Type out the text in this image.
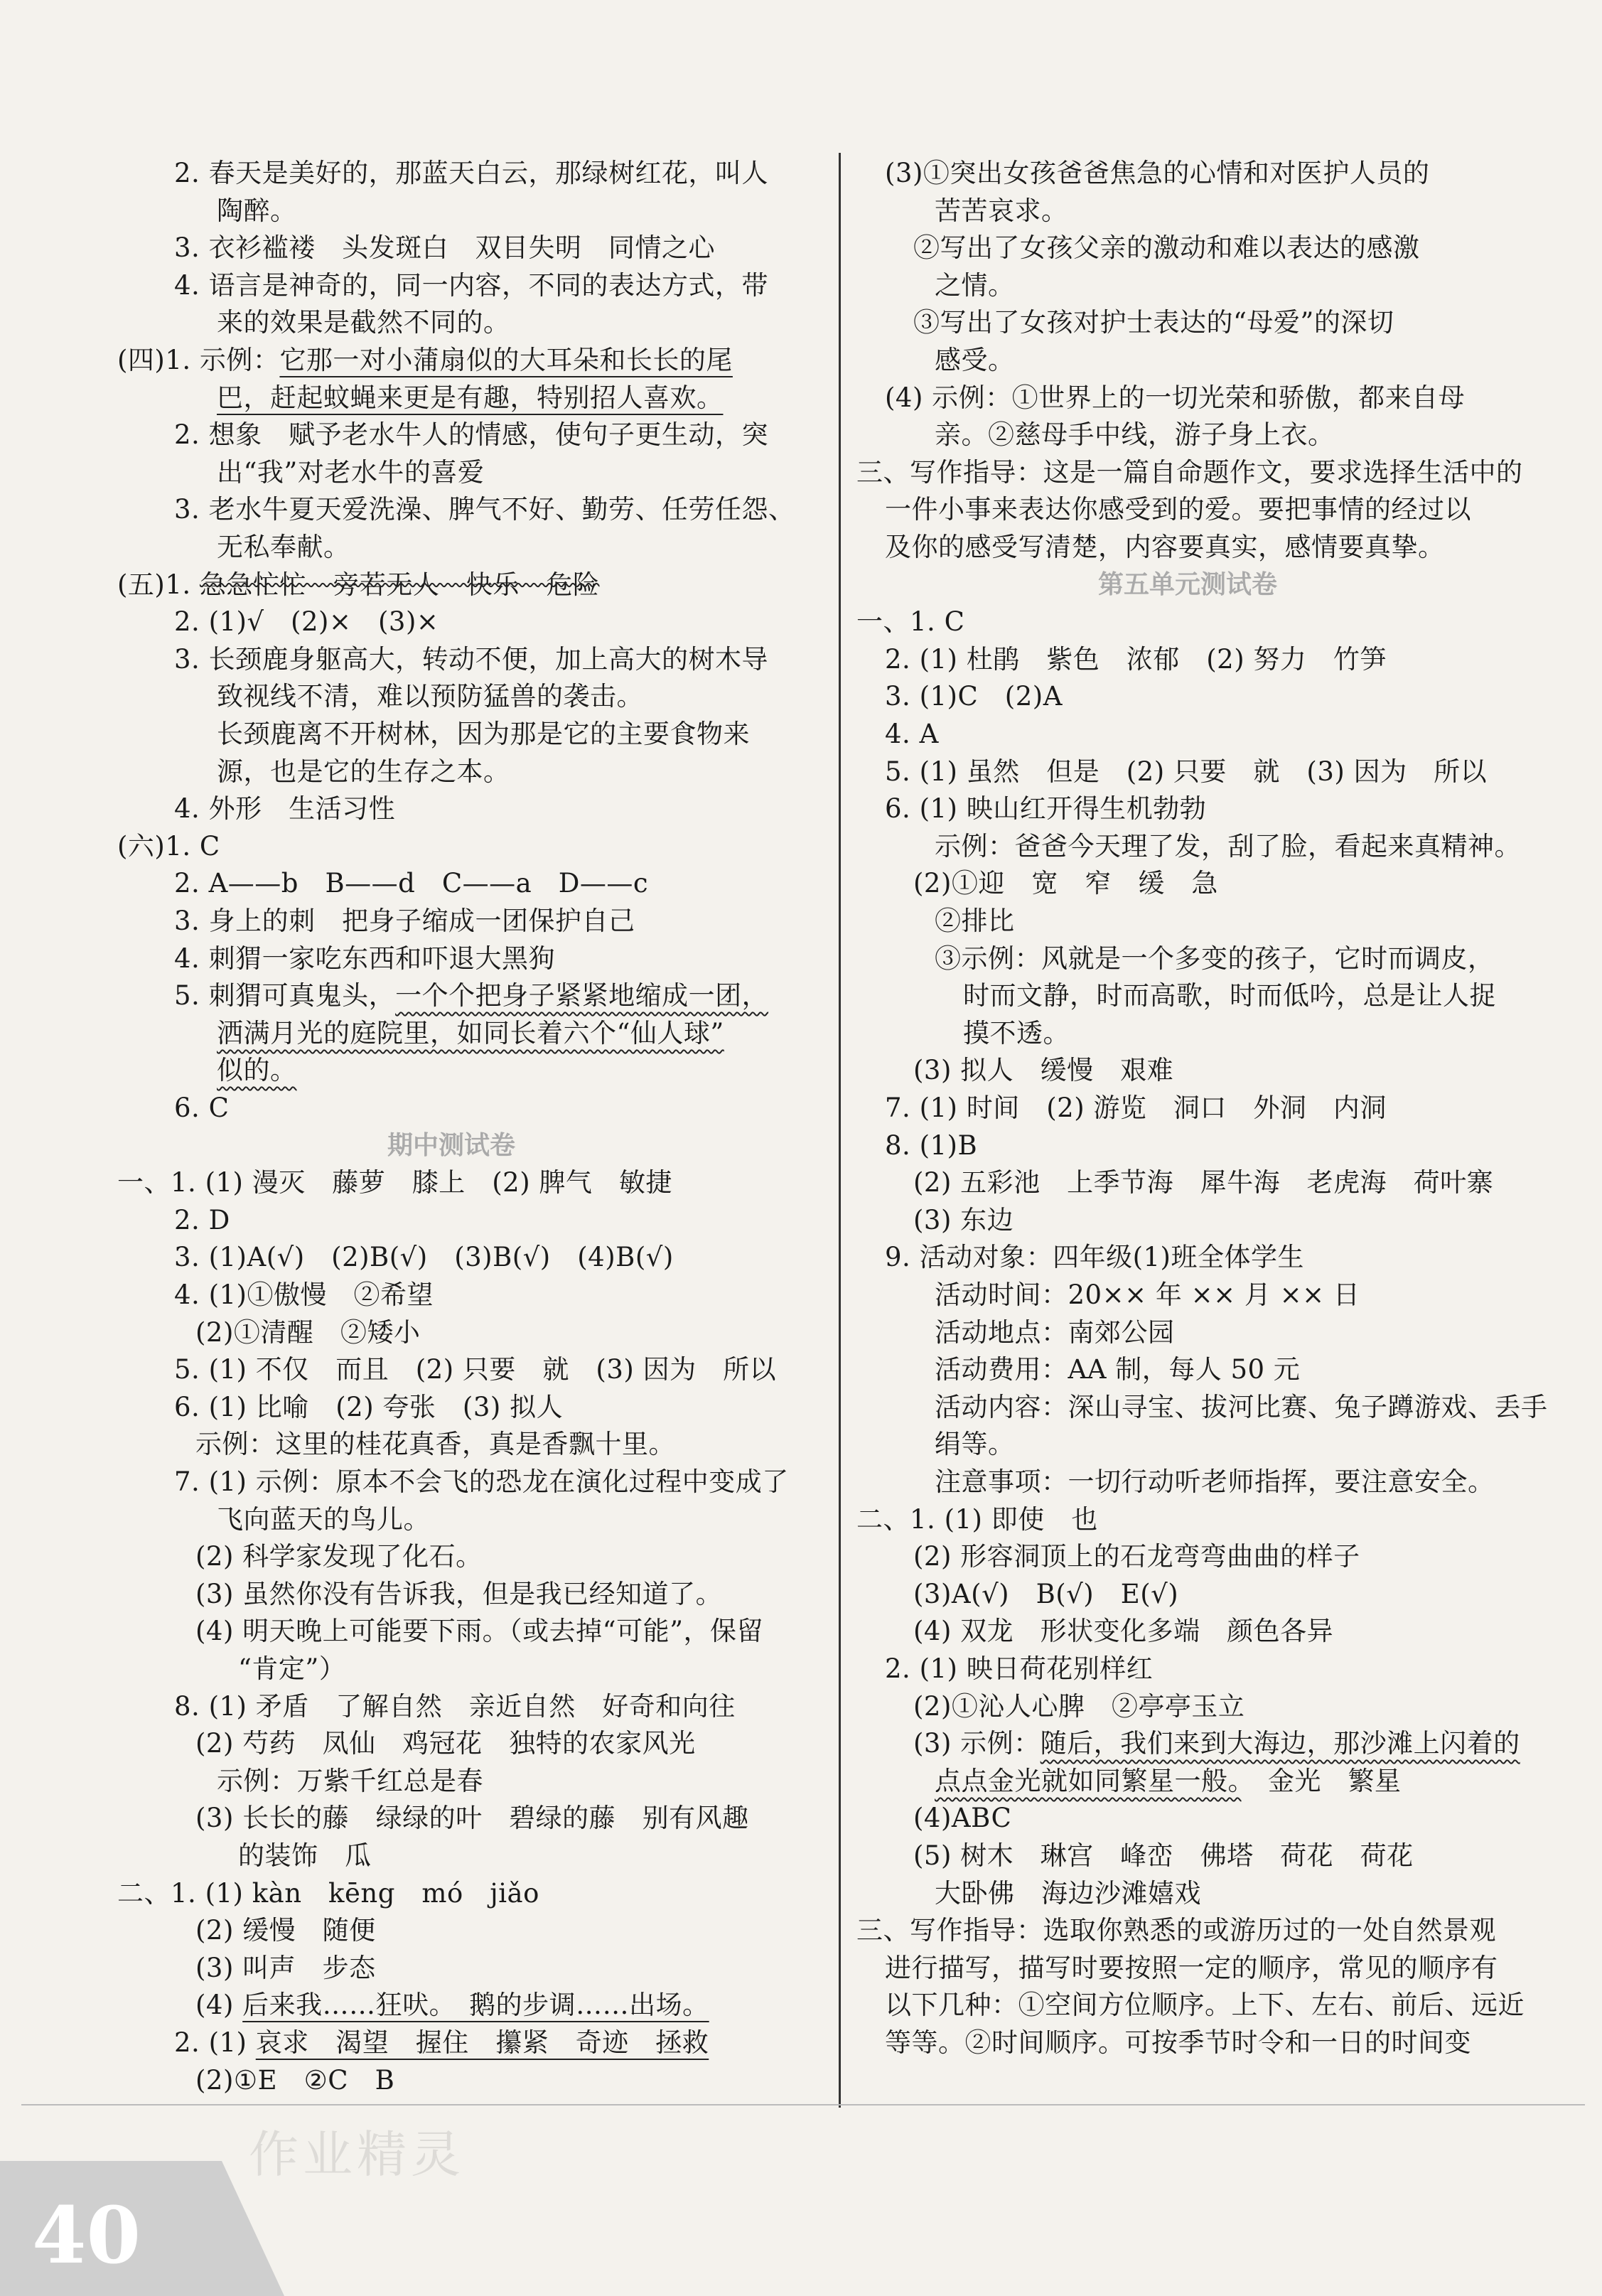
2. 春天是美好的，那蓝天白云，那绿树红花，叫人
陶醉。
3. 衣衫褴褛　头发斑白　双目失明　同情之心
4. 语言是神奇的，同一内容，不同的表达方式，带
来的效果是截然不同的。
(四)1. 示例：它那一对小蒲扇似的大耳朵和长长的尾
巴，赶起蚊蝇来更是有趣，特别招人喜欢。
2. 想象　赋予老水牛人的情感，使句子更生动，突
出“我”对老水牛的喜爱
3. 老水牛夏天爱洗澡、脾气不好、勤劳、任劳任怨、
无私奉献。
(五)1. 急急忙忙　旁若无人　快乐　危险
2. (1)√　(2)×　(3)×
3. 长颈鹿身躯高大，转动不便，加上高大的树木导
致视线不清，难以预防猛兽的袭击。
长颈鹿离不开树林，因为那是它的主要食物来
源，也是它的生存之本。
4. 外形　生活习性
(六)1. C
2. A——b　B——d　C——a　D——c
3. 身上的刺　把身子缩成一团保护自己
4. 刺猬一家吃东西和吓退大黑狗
5. 刺猬可真鬼头，一个个把身子紧紧地缩成一团，
洒满月光的庭院里，如同长着六个“仙人球”
似的。
6. C
期中测试卷
一、1. (1) 漫灭　藤萝　膝上　(2) 脾气　敏捷
2. D
3. (1)A(√)　(2)B(√)　(3)B(√)　(4)B(√)
4. (1)①傲慢　②希望
(2)①清醒　②矮小
5. (1) 不仅　而且　(2) 只要　就　(3) 因为　所以
6. (1) 比喻　(2) 夸张　(3) 拟人
示例：这里的桂花真香，真是香飘十里。
7. (1) 示例：原本不会飞的恐龙在演化过程中变成了
飞向蓝天的鸟儿。
(2) 科学家发现了化石。
(3) 虽然你没有告诉我，但是我已经知道了。
(4) 明天晚上可能要下雨。（或去掉“可能”，保留
“肯定”）
8. (1) 矛盾　了解自然　亲近自然　好奇和向往
(2) 芍药　凤仙　鸡冠花　独特的农家风光
示例：万紫千红总是春
(3) 长长的藤　绿绿的叶　碧绿的藤　别有风趣
的装饰　瓜
二、1. (1) kàn　kēng　mó　jiǎo
(2) 缓慢　随便
(3) 叫声　步态
(4) 后来我……狂吠。　鹅的步调……出场。
2. (1) 哀求　渴望　握住　攥紧　奇迹　拯救
(2)①E　②C　B
(3)①突出女孩爸爸焦急的心情和对医护人员的
苦苦哀求。
②写出了女孩父亲的激动和难以表达的感激
之情。
③写出了女孩对护士表达的“母爱”的深切
感受。
(4) 示例：①世界上的一切光荣和骄傲，都来自母
亲。②慈母手中线，游子身上衣。
三、写作指导：这是一篇自命题作文，要求选择生活中的
一件小事来表达你感受到的爱。要把事情的经过以
及你的感受写清楚，内容要真实，感情要真挚。
第五单元测试卷
一、1. C
2. (1) 杜鹃　紫色　浓郁　(2) 努力　竹笋
3. (1)C　(2)A
4. A
5. (1) 虽然　但是　(2) 只要　就　(3) 因为　所以
6. (1) 映山红开得生机勃勃
示例：爸爸今天理了发，刮了脸，看起来真精神。
(2)①迎　宽　窄　缓　急
②排比
③示例：风就是一个多变的孩子，它时而调皮，
时而文静，时而高歌，时而低吟，总是让人捉
摸不透。
(3) 拟人　缓慢　艰难
7. (1) 时间　(2) 游览　洞口　外洞　内洞
8. (1)B
(2) 五彩池　上季节海　犀牛海　老虎海　荷叶寨
(3) 东边
9. 活动对象：四年级(1)班全体学生
活动时间：20×× 年 ×× 月 ×× 日
活动地点：南郊公园
活动费用：AA 制，每人 50 元
活动内容：深山寻宝、拔河比赛、兔子蹲游戏、丢手
绢等。
注意事项：一切行动听老师指挥，要注意安全。
二、1. (1) 即使　也
(2) 形容洞顶上的石龙弯弯曲曲的样子
(3)A(√)　B(√)　E(√)
(4) 双龙　形状变化多端　颜色各异
2. (1) 映日荷花别样红
(2)①沁人心脾　②亭亭玉立
(3) 示例：随后，我们来到大海边，那沙滩上闪着的
点点金光就如同繁星一般。　金光　繁星
(4)ABC
(5) 树木　琳宫　峰峦　佛塔　荷花　荷花
大卧佛　海边沙滩嬉戏
三、写作指导：选取你熟悉的或游历过的一处自然景观
进行描写，描写时要按照一定的顺序，常见的顺序有
以下几种：①空间方位顺序。上下、左右、前后、远近
等等。②时间顺序。可按季节时令和一日的时间变
作业精灵
40
